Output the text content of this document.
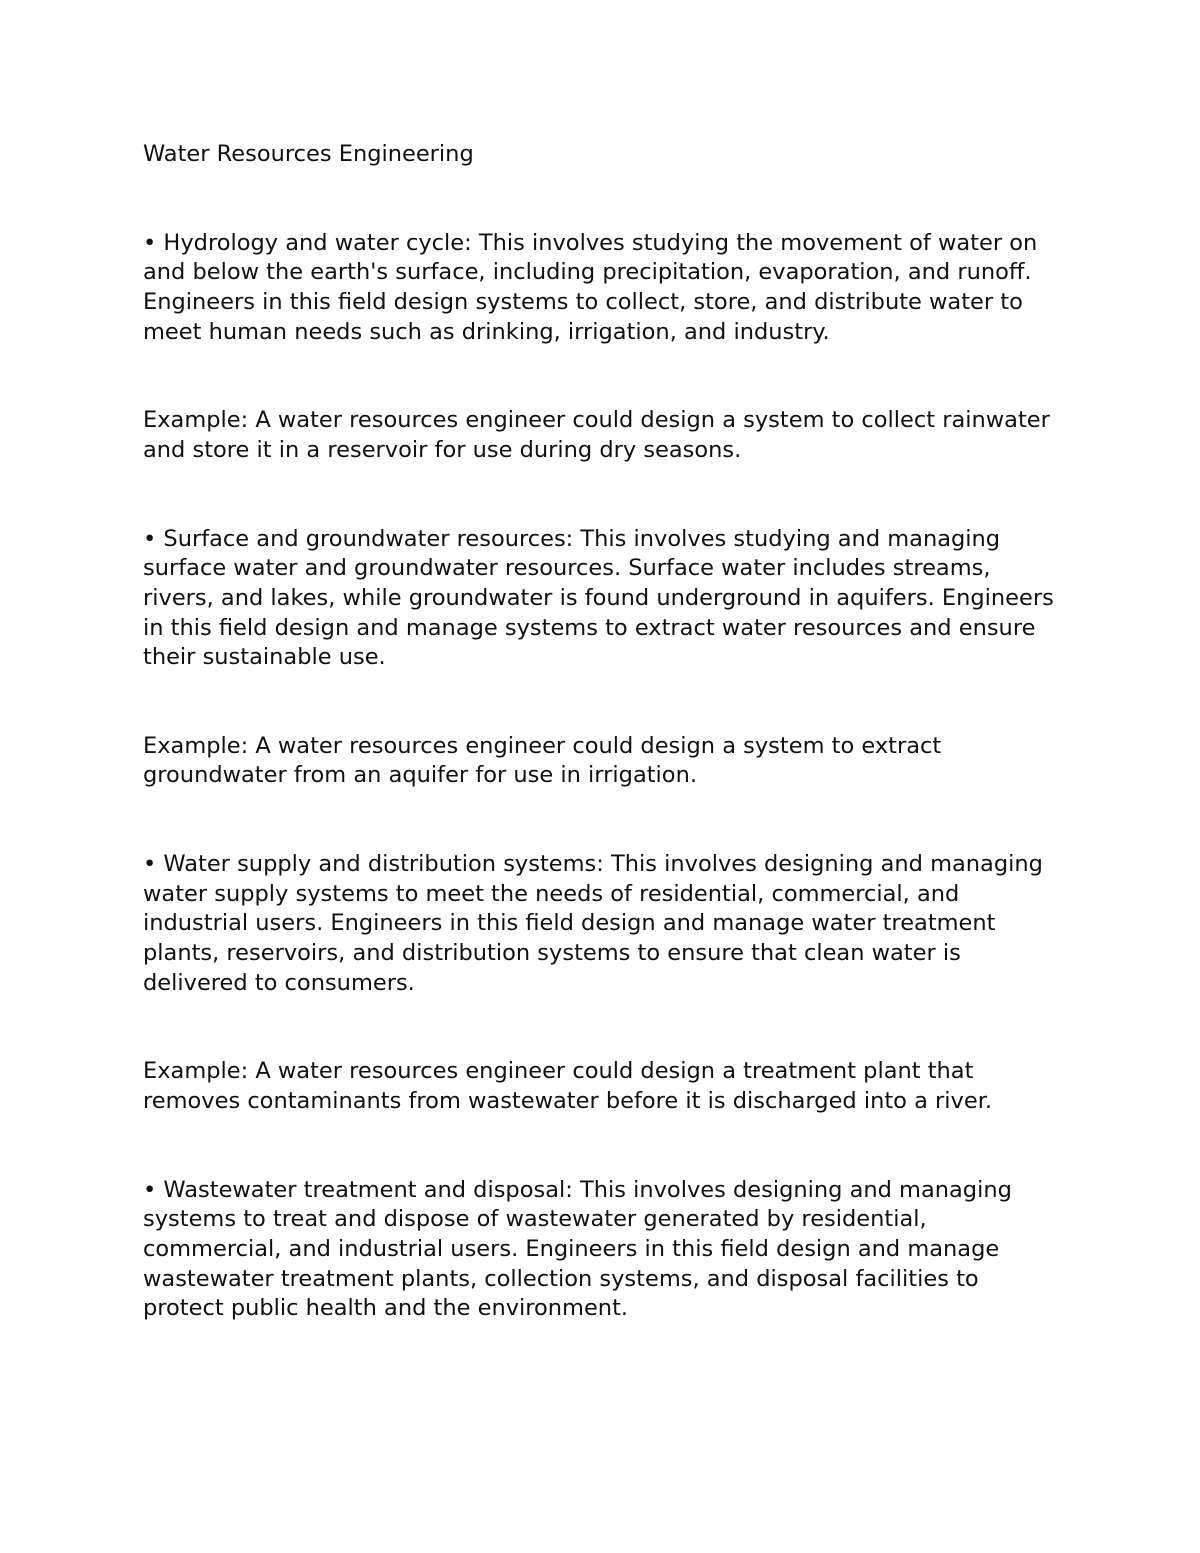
Water Resources Engineering

• Hydrology and water cycle: This involves studying the movement of water on and below the earth's surface, including precipitation, evaporation, and runoff. Engineers in this field design systems to collect, store, and distribute water to meet human needs such as drinking, irrigation, and industry.

Example: A water resources engineer could design a system to collect rainwater and store it in a reservoir for use during dry seasons.

• Surface and groundwater resources: This involves studying and managing surface water and groundwater resources. Surface water includes streams, rivers, and lakes, while groundwater is found underground in aquifers. Engineers in this field design and manage systems to extract water resources and ensure their sustainable use.

Example: A water resources engineer could design a system to extract groundwater from an aquifer for use in irrigation.

• Water supply and distribution systems: This involves designing and managing water supply systems to meet the needs of residential, commercial, and industrial users. Engineers in this field design and manage water treatment plants, reservoirs, and distribution systems to ensure that clean water is delivered to consumers.

Example: A water resources engineer could design a treatment plant that removes contaminants from wastewater before it is discharged into a river.

• Wastewater treatment and disposal: This involves designing and managing systems to treat and dispose of wastewater generated by residential, commercial, and industrial users. Engineers in this field design and manage wastewater treatment plants, collection systems, and disposal facilities to protect public health and the environment.
